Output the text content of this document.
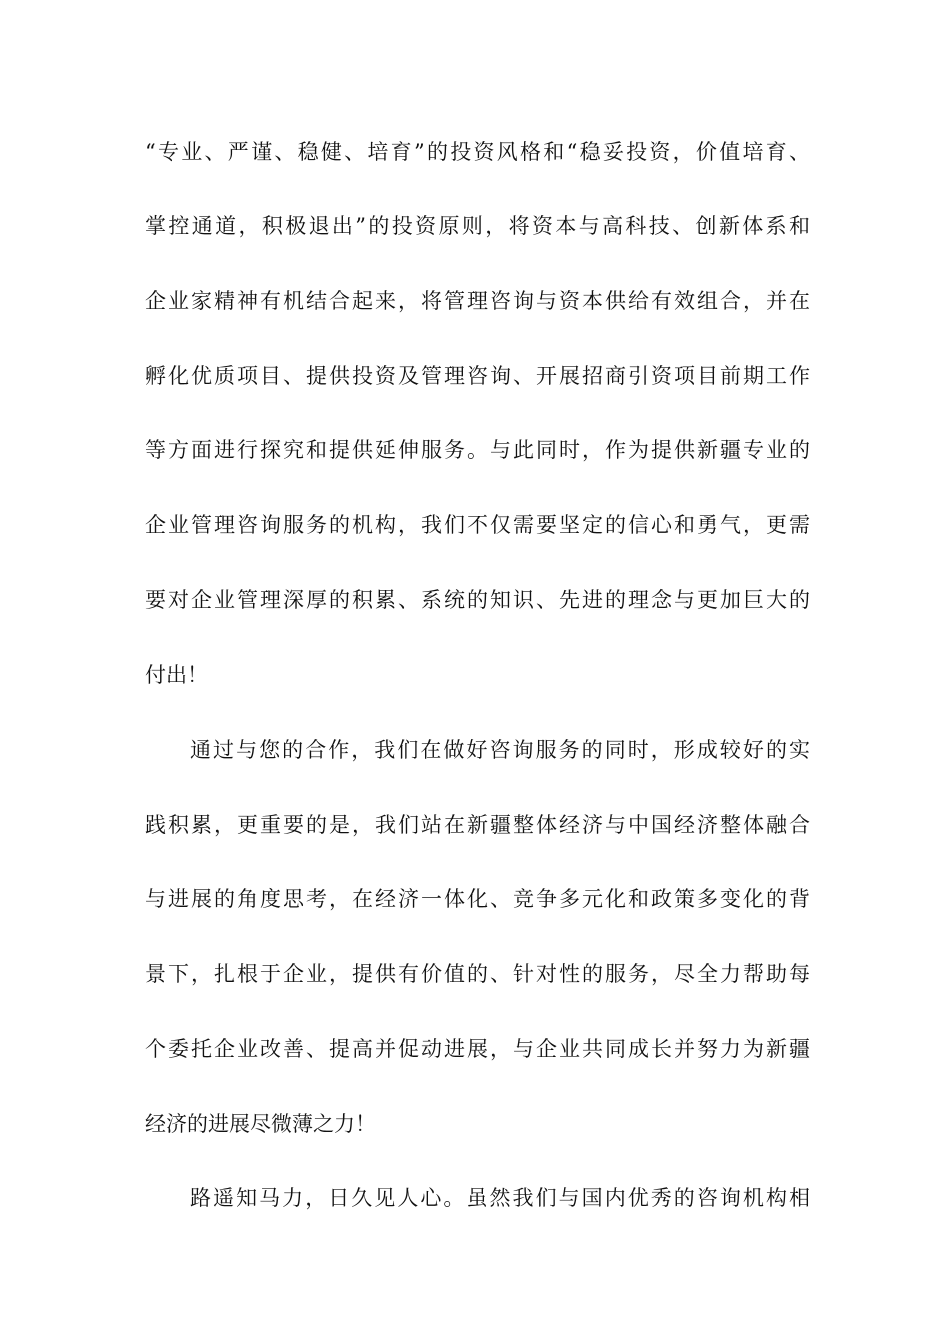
“专业、严谨、稳健、培育”的投资风格和“稳妥投资，价值培育、
掌控通道，积极退出”的投资原则，将资本与高科技、创新体系和
企业家精神有机结合起来，将管理咨询与资本供给有效组合，并在
孵化优质项目、提供投资及管理咨询、开展招商引资项目前期工作
等方面进行探究和提供延伸服务。与此同时，作为提供新疆专业的
企业管理咨询服务的机构，我们不仅需要坚定的信心和勇气，更需
要对企业管理深厚的积累、系统的知识、先进的理念与更加巨大的
付出！
通过与您的合作，我们在做好咨询服务的同时，形成较好的实
践积累，更重要的是，我们站在新疆整体经济与中国经济整体融合
与进展的角度思考，在经济一体化、竞争多元化和政策多变化的背
景下，扎根于企业，提供有价值的、针对性的服务，尽全力帮助每
个委托企业改善、提高并促动进展，与企业共同成长并努力为新疆
经济的进展尽微薄之力！
路遥知马力，日久见人心。虽然我们与国内优秀的咨询机构相
